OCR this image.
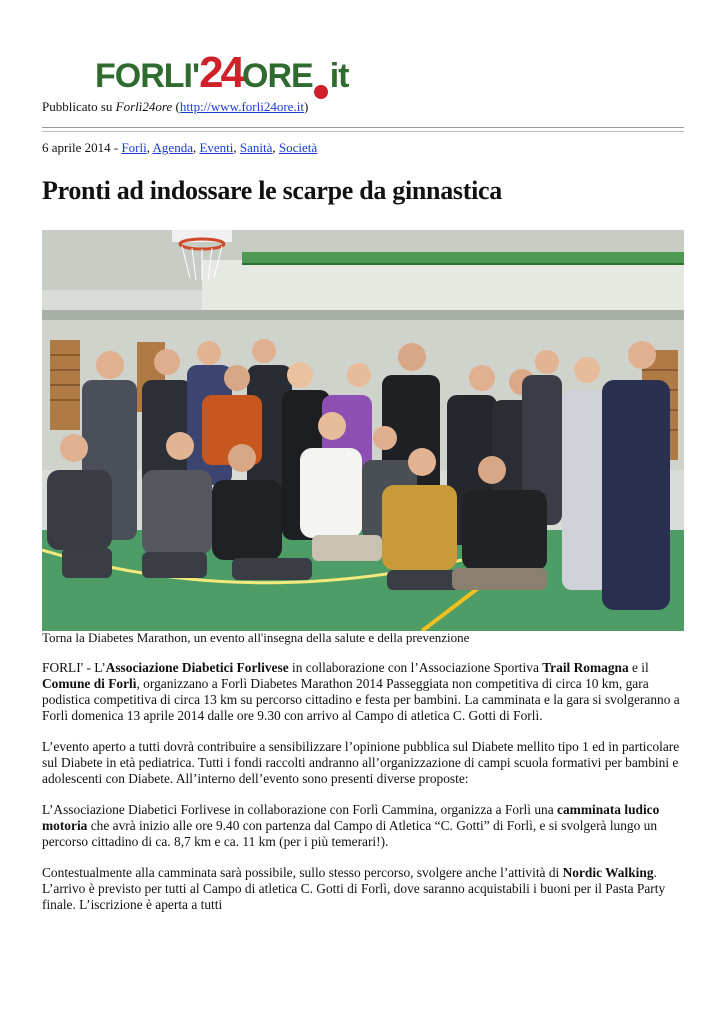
FORLI'24ORE it
Pubblicato su Forlì24ore (http://www.forli24ore.it)
6 aprile 2014 - Forlì, Agenda, Eventi, Sanità, Società
Pronti ad indossare le scarpe da ginnastica
Torna la Diabetes Marathon, un evento all'insegna della salute e della prevenzione

FORLI' - L’Associazione Diabetici Forlivese in collaborazione con l’Associazione Sportiva Trail Romagna e il Comune di Forlì, organizzano a Forlì Diabetes Marathon 2014 Passeggiata non competitiva di circa 10 km, gara podistica competitiva di circa 13 km su percorso cittadino e festa per bambini. La camminata e la gara si svolgeranno a Forlì domenica 13 aprile 2014 dalle ore 9.30 con arrivo al Campo di atletica C. Gotti di Forlì.

L’evento aperto a tutti dovrà contribuire a sensibilizzare l’opinione pubblica sul Diabete mellito tipo 1 ed in particolare sul Diabete in età pediatrica. Tutti i fondi raccolti andranno all’organizzazione di campi scuola formativi per bambini e adolescenti con Diabete. All’interno dell’evento sono presenti diverse proposte:

L’Associazione Diabetici Forlivese in collaborazione con Forlì Cammina, organizza a Forlì una camminata ludico motoria che avrà inizio alle ore 9.40 con partenza dal Campo di Atletica “C. Gotti” di Forlì, e si svolgerà lungo un percorso cittadino di ca. 8,7 km e ca. 11 km (per i più temerari!).

Contestualmente alla camminata sarà possibile, sullo stesso percorso, svolgere anche l’attività di Nordic Walking. L’arrivo è previsto per tutti al Campo di atletica C. Gotti di Forlì, dove saranno acquistabili i buoni per il Pasta Party finale. L’iscrizione è aperta a tutti
